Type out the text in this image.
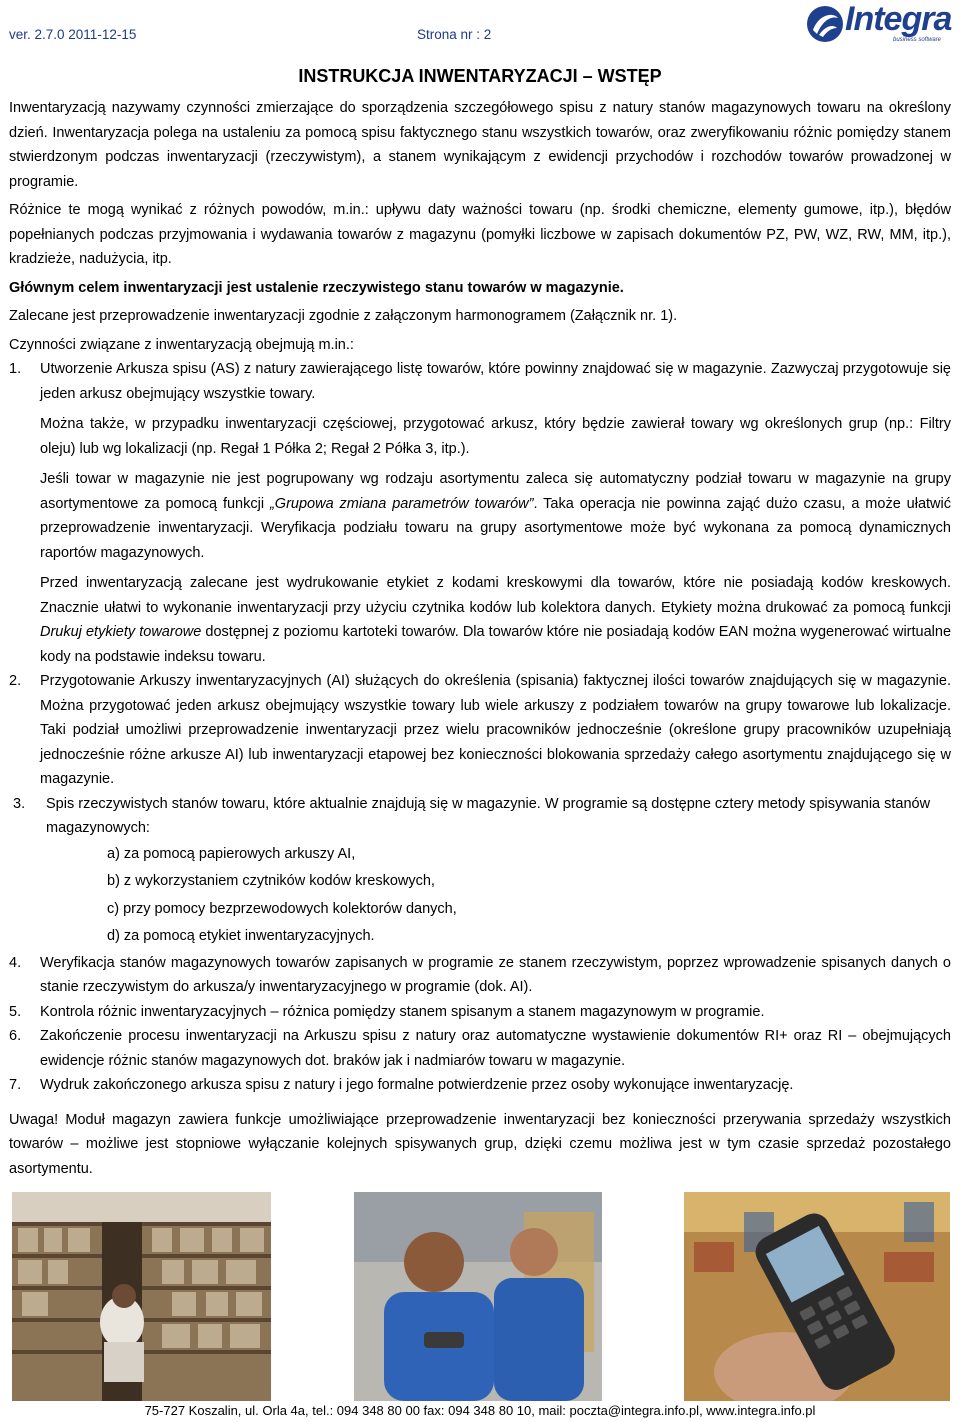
ver. 2.7.0 2011-12-15	Strona nr : 2	Integra
business software
INSTRUKCJA INWENTARYZACJI – WSTĘP

Inwentaryzacją nazywamy czynności zmierzające do sporządzenia szczegółowego spisu z natury stanów magazynowych towaru na określony dzień. Inwentaryzacja polega na ustaleniu za pomocą spisu faktycznego stanu wszystkich towarów, oraz zweryfikowaniu różnic pomiędzy stanem stwierdzonym podczas inwentaryzacji (rzeczywistym), a stanem wynikającym z ewidencji przychodów i rozchodów towarów prowadzonej w programie.

Różnice te mogą wynikać z różnych powodów, m.in.: upływu daty ważności towaru (np. środki chemiczne, elementy gumowe, itp.), błędów popełnianych podczas przyjmowania i wydawania towarów z magazynu (pomyłki liczbowe w zapisach dokumentów PZ, PW, WZ, RW, MM, itp.), kradzieże, nadużycia, itp.

Głównym celem inwentaryzacji jest ustalenie rzeczywistego stanu towarów w magazynie.

Zalecane jest przeprowadzenie inwentaryzacji zgodnie z załączonym harmonogramem (Załącznik nr. 1).

Czynności związane z inwentaryzacją obejmują m.in.:

1. Utworzenie Arkusza spisu (AS) z natury zawierającego listę towarów, które powinny znajdować się w magazynie. Zazwyczaj przygotowuje się jeden arkusz obejmujący wszystkie towary.

Można także, w przypadku inwentaryzacji częściowej, przygotować arkusz, który będzie zawierał towary wg określonych grup (np.: Filtry oleju) lub wg lokalizacji (np. Regał 1 Półka 2; Regał 2 Półka 3, itp.).

Jeśli towar w magazynie nie jest pogrupowany wg rodzaju asortymentu zaleca się automatyczny podział towaru w magazynie na grupy asortymentowe za pomocą funkcji „Grupowa zmiana parametrów towarów”. Taka operacja nie powinna zająć dużo czasu, a może ułatwić przeprowadzenie inwentaryzacji. Weryfikacja podziału towaru na grupy asortymentowe może być wykonana za pomocą dynamicznych raportów magazynowych.

Przed inwentaryzacją zalecane jest wydrukowanie etykiet z kodami kreskowymi dla towarów, które nie posiadają kodów kreskowych. Znacznie ułatwi to wykonanie inwentaryzacji przy użyciu czytnika kodów lub kolektora danych. Etykiety można drukować za pomocą funkcji Drukuj etykiety towarowe dostępnej z poziomu kartoteki towarów. Dla towarów które nie posiadają kodów EAN można wygenerować wirtualne kody na podstawie indeksu towaru.

2. Przygotowanie Arkuszy inwentaryzacyjnych (AI) służących do określenia (spisania) faktycznej ilości towarów znajdujących się w magazynie. Można przygotować jeden arkusz obejmujący wszystkie towary lub wiele arkuszy z podziałem towarów na grupy towarowe lub lokalizacje. Taki podział umożliwi przeprowadzenie inwentaryzacji przez wielu pracowników jednocześnie (określone grupy pracowników uzupełniają jednocześnie różne arkusze AI) lub inwentaryzacji etapowej bez konieczności blokowania sprzedaży całego asortymentu znajdującego się w magazynie.

3. Spis rzeczywistych stanów towaru, które aktualnie znajdują się w magazynie. W programie są dostępne cztery metody spisywania stanów magazynowych:

a) za pomocą papierowych arkuszy AI,
b) z wykorzystaniem czytników kodów kreskowych,
c) przy pomocy bezprzewodowych kolektorów danych,
d) za pomocą etykiet inwentaryzacyjnych.
4. Weryfikacja stanów magazynowych towarów zapisanych w programie ze stanem rzeczywistym, poprzez wprowadzenie spisanych danych o stanie rzeczywistym do arkusza/y inwentaryzacyjnego w programie (dok. AI).

5. Kontrola różnic inwentaryzacyjnych – różnica pomiędzy stanem spisanym a stanem magazynowym w programie.

6. Zakończenie procesu inwentaryzacji na Arkuszu spisu z natury oraz automatyczne wystawienie dokumentów RI+ oraz RI – obejmujących ewidencje różnic stanów magazynowych dot. braków jak i nadmiarów towaru w magazynie.

7. Wydruk zakończonego arkusza spisu z natury i jego formalne potwierdzenie przez osoby wykonujące inwentaryzację.

Uwaga! Moduł magazyn zawiera funkcje umożliwiające przeprowadzenie inwentaryzacji bez konieczności przerywania sprzedaży wszystkich towarów – możliwe jest stopniowe wyłączanie kolejnych spisywanych grup, dzięki czemu możliwa jest w tym czasie sprzedaż pozostałego asortymentu.

75-727 Koszalin, ul. Orla 4a, tel.: 094 348 80 00 fax: 094 348 80 10, mail: poczta@integra.info.pl, www.integra.info.pl
